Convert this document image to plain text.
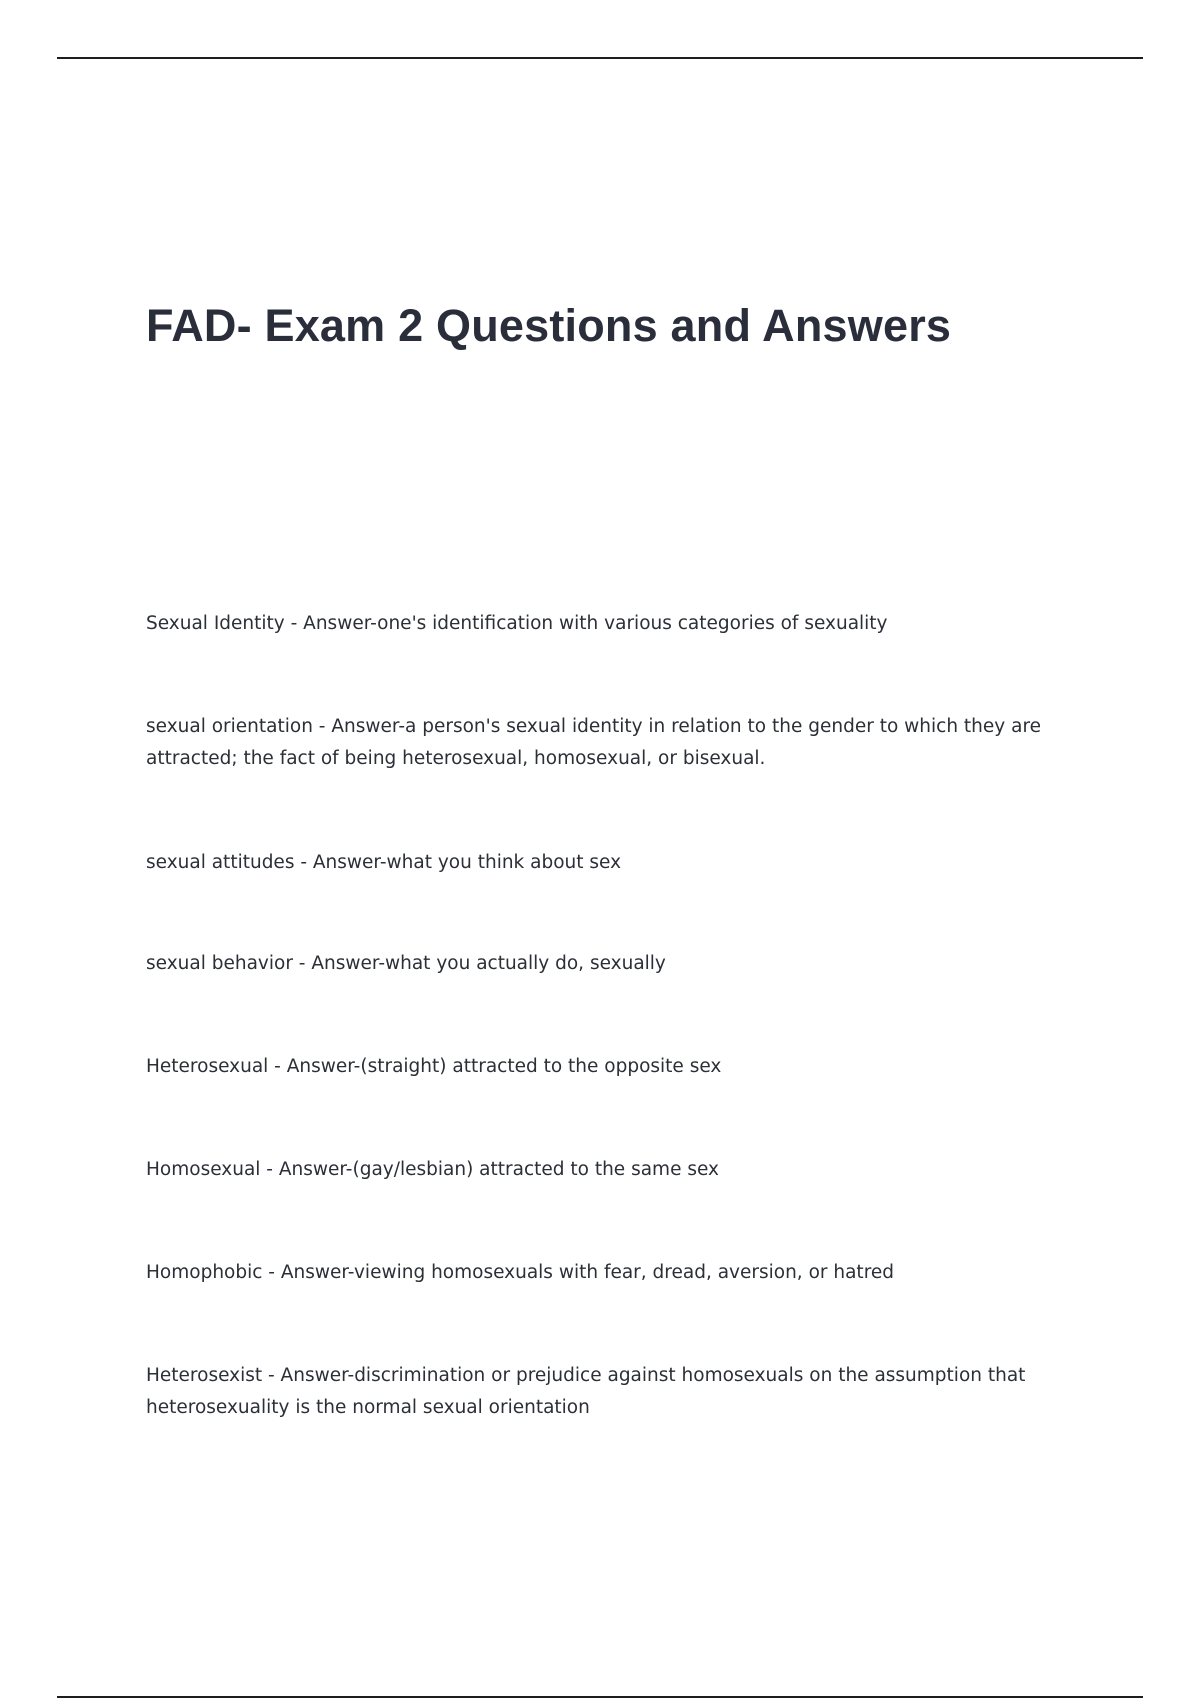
FAD- Exam 2 Questions and Answers

Sexual Identity - Answer-one's identification with various categories of sexuality

sexual orientation - Answer-a person's sexual identity in relation to the gender to which they are attracted; the fact of being heterosexual, homosexual, or bisexual.

sexual attitudes - Answer-what you think about sex

sexual behavior - Answer-what you actually do, sexually

Heterosexual - Answer-(straight) attracted to the opposite sex

Homosexual - Answer-(gay/lesbian) attracted to the same sex

Homophobic - Answer-viewing homosexuals with fear, dread, aversion, or hatred

Heterosexist - Answer-discrimination or prejudice against homosexuals on the assumption that heterosexuality is the normal sexual orientation
